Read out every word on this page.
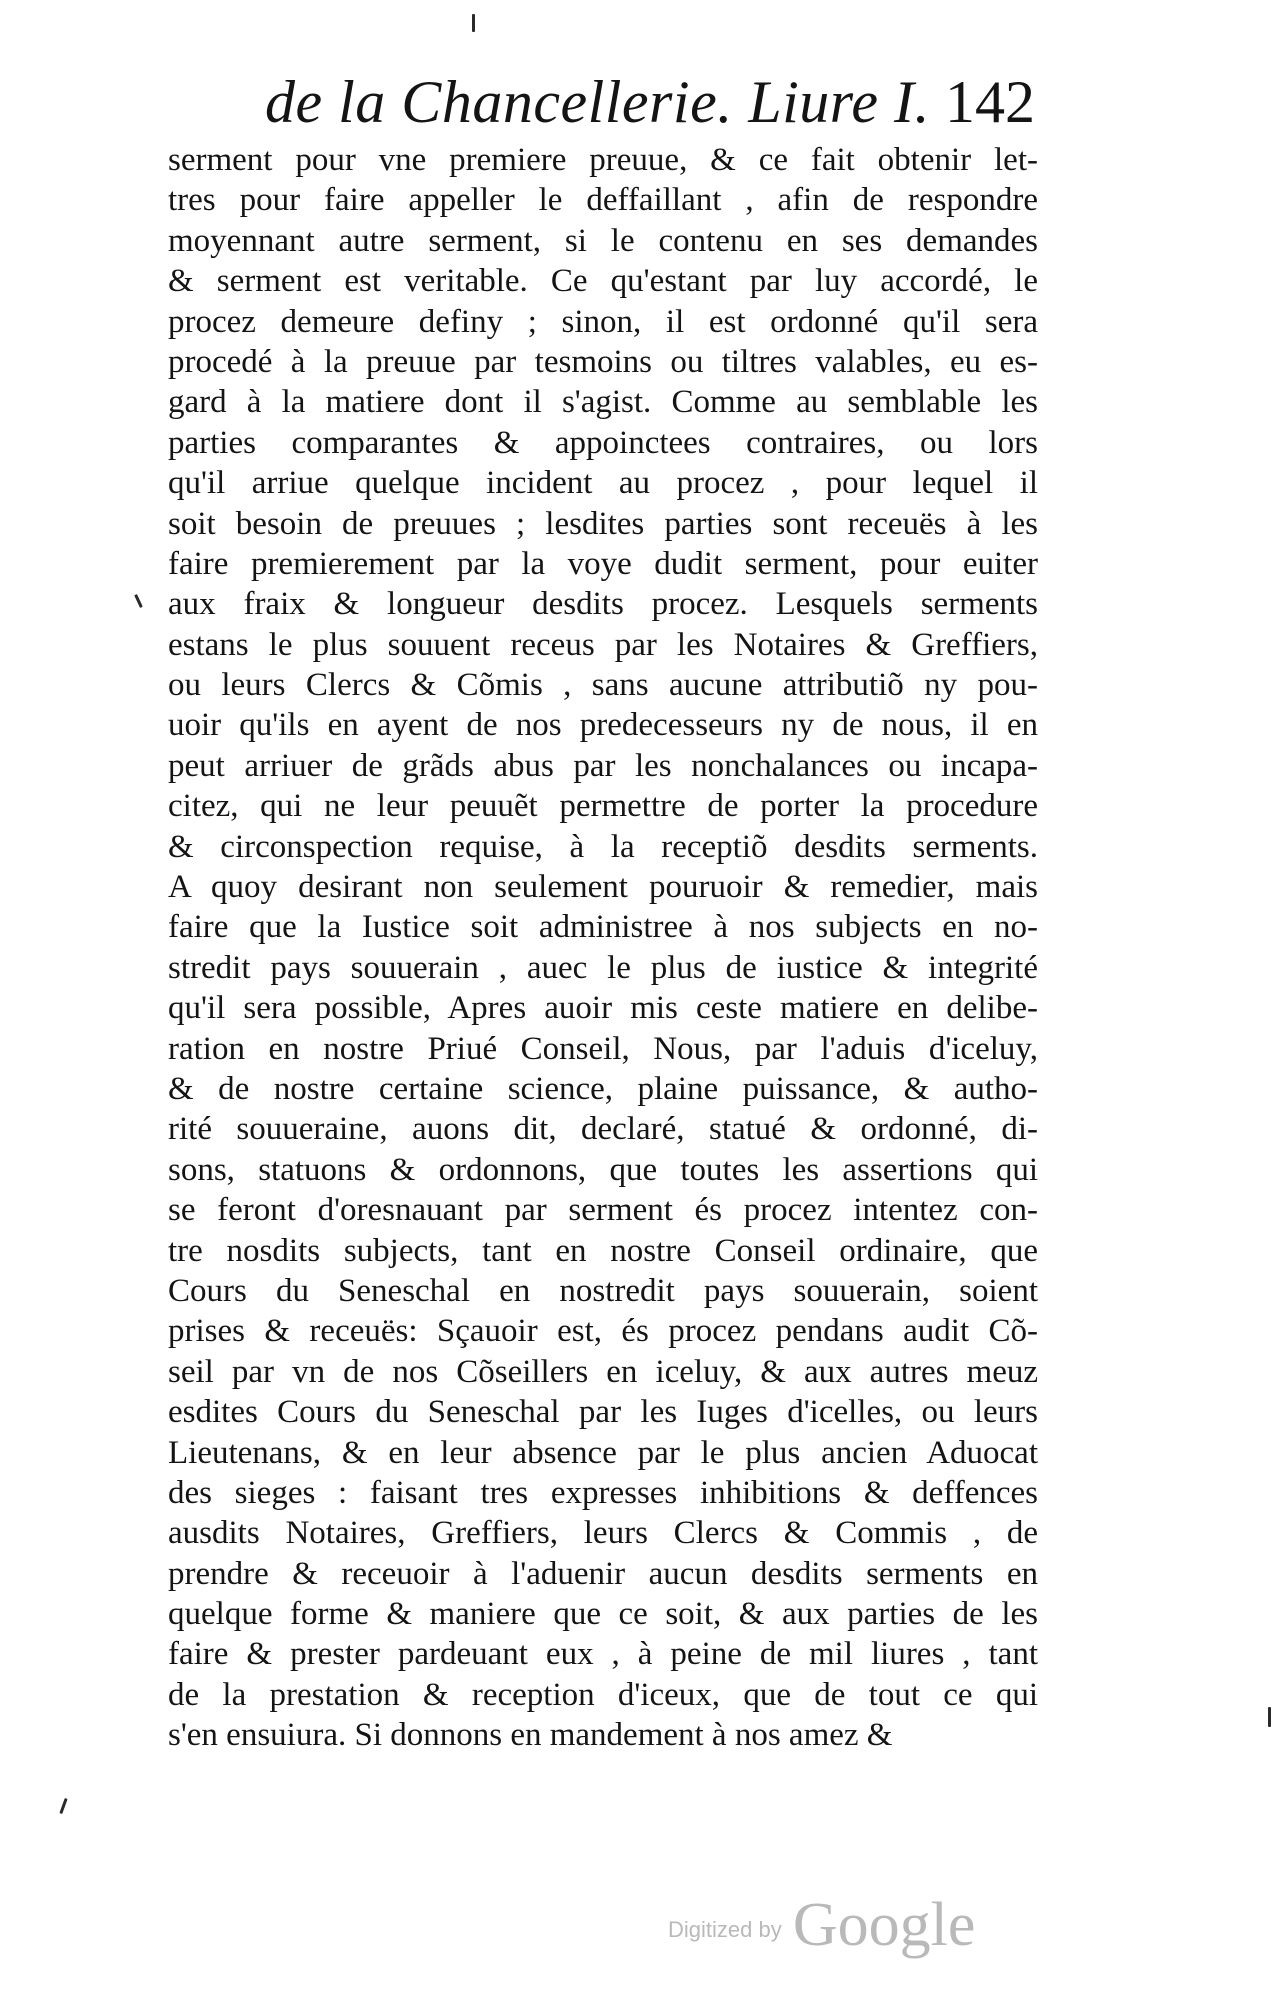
de la Chancellerie. Liure I. 142
serment pour vne premiere preuue, & ce fait obtenir let-
tres pour faire appeller le deffaillant , afin de respondre
moyennant autre serment, si le contenu en ses demandes
& serment est veritable. Ce qu'estant par luy accordé, le
procez demeure definy ; sinon, il est ordonné qu'il sera
procedé à la preuue par tesmoins ou tiltres valables, eu es-
gard à la matiere dont il s'agist. Comme au semblable les
parties comparantes & appoinctees contraires, ou lors
qu'il arriue quelque incident au procez , pour lequel il
soit besoin de preuues ; lesdites parties sont receuës à les
faire premierement par la voye dudit serment, pour euiter
aux fraix & longueur desdits procez. Lesquels serments
estans le plus souuent receus par les Notaires & Greffiers,
ou leurs Clercs & Cõmis , sans aucune attributiõ ny pou-
uoir qu'ils en ayent de nos predecesseurs ny de nous, il en
peut arriuer de grãds abus par les nonchalances ou incapa-
citez, qui ne leur peuuẽt permettre de porter la procedure
& circonspection requise, à la receptiõ desdits serments.
A quoy desirant non seulement pouruoir & remedier, mais
faire que la Iustice soit administree à nos subjects en no-
stredit pays souuerain , auec le plus de iustice & integrité
qu'il sera possible, Apres auoir mis ceste matiere en delibe-
ration en nostre Priué Conseil, Nous, par l'aduis d'iceluy,
& de nostre certaine science, plaine puissance, & autho-
rité souueraine, auons dit, declaré, statué & ordonné, di-
sons, statuons & ordonnons, que toutes les assertions qui
se feront d'oresnauant par serment és procez intentez con-
tre nosdits subjects, tant en nostre Conseil ordinaire, que
Cours du Seneschal en nostredit pays souuerain, soient
prises & receuës: Sçauoir est, és procez pendans audit Cõ-
seil par vn de nos Cõseillers en iceluy, & aux autres meuz
esdites Cours du Seneschal par les Iuges d'icelles, ou leurs
Lieutenans, & en leur absence par le plus ancien Aduocat
des sieges : faisant tres expresses inhibitions & deffences
ausdits Notaires, Greffiers, leurs Clercs & Commis , de
prendre & receuoir à l'aduenir aucun desdits serments en
quelque forme & maniere que ce soit, & aux parties de les
faire & prester pardeuant eux , à peine de mil liures , tant
de la prestation & reception d'iceux, que de tout ce qui
s'en ensuiura. Si donnons en mandement à nos amez &
Digitized by Google
